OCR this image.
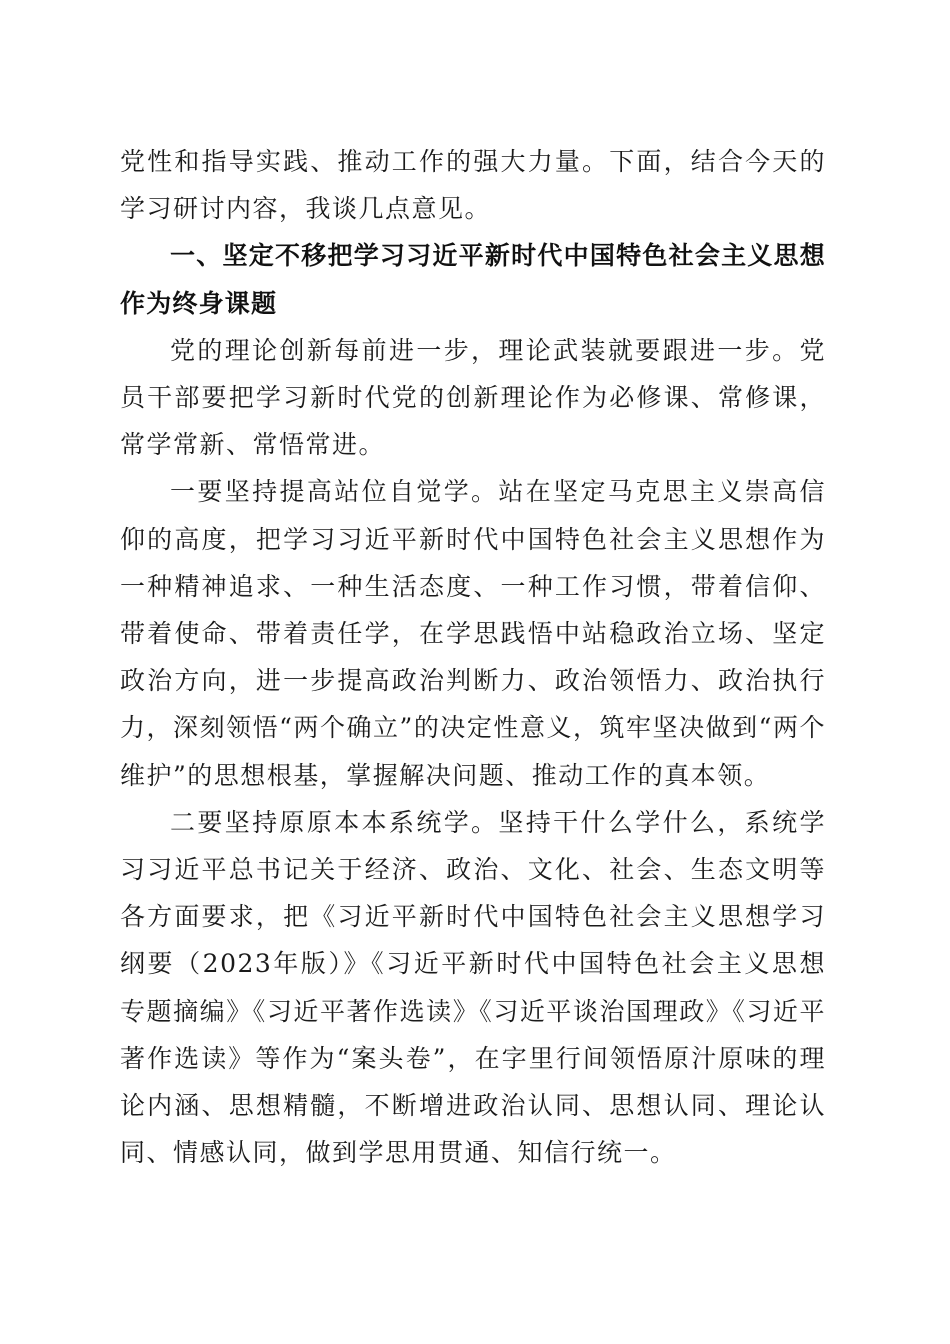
党性和指导实践、推动工作的强大力量。下面，结合今天的学习研讨内容，我谈几点意见。

一、坚定不移把学习习近平新时代中国特色社会主义思想作为终身课题

党的理论创新每前进一步，理论武装就要跟进一步。党员干部要把学习新时代党的创新理论作为必修课、常修课，常学常新、常悟常进。

一要坚持提高站位自觉学。站在坚定马克思主义崇高信仰的高度，把学习习近平新时代中国特色社会主义思想作为一种精神追求、一种生活态度、一种工作习惯，带着信仰、带着使命、带着责任学，在学思践悟中站稳政治立场、坚定政治方向，进一步提高政治判断力、政治领悟力、政治执行力，深刻领悟“两个确立”的决定性意义，筑牢坚决做到“两个维护”的思想根基，掌握解决问题、推动工作的真本领。

二要坚持原原本本系统学。坚持干什么学什么，系统学习习近平总书记关于经济、政治、文化、社会、生态文明等各方面要求，把《习近平新时代中国特色社会主义思想学习纲要（2023年版）》《习近平新时代中国特色社会主义思想专题摘编》《习近平著作选读》《习近平谈治国理政》《习近平著作选读》等作为“案头卷”，在字里行间领悟原汁原味的理论内涵、思想精髓，不断增进政治认同、思想认同、理论认同、情感认同，做到学思用贯通、知信行统一。
